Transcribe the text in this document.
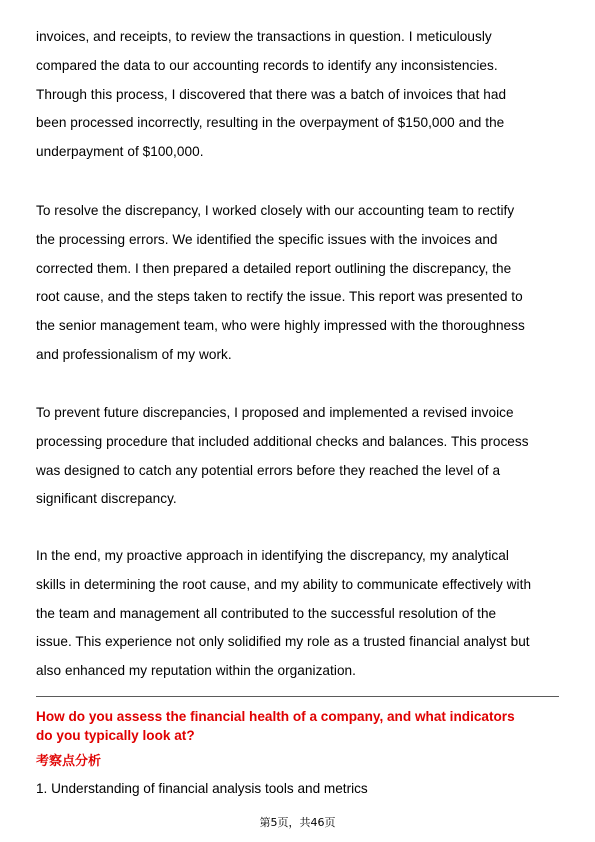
invoices, and receipts, to review the transactions in question. I meticulously
compared the data to our accounting records to identify any inconsistencies.
Through this process, I discovered that there was a batch of invoices that had
been processed incorrectly, resulting in the overpayment of $150,000 and the
underpayment of $100,000.
To resolve the discrepancy, I worked closely with our accounting team to rectify
the processing errors. We identified the specific issues with the invoices and
corrected them. I then prepared a detailed report outlining the discrepancy, the
root cause, and the steps taken to rectify the issue. This report was presented to
the senior management team, who were highly impressed with the thoroughness
and professionalism of my work.
To prevent future discrepancies, I proposed and implemented a revised invoice
processing procedure that included additional checks and balances. This process
was designed to catch any potential errors before they reached the level of a
significant discrepancy.
In the end, my proactive approach in identifying the discrepancy, my analytical
skills in determining the root cause, and my ability to communicate effectively with
the team and management all contributed to the successful resolution of the
issue. This experience not only solidified my role as a trusted financial analyst but
also enhanced my reputation within the organization.
How do you assess the financial health of a company, and what indicators
do you typically look at?
考察点分析
1. Understanding of financial analysis tools and metrics
第5页，共46页
